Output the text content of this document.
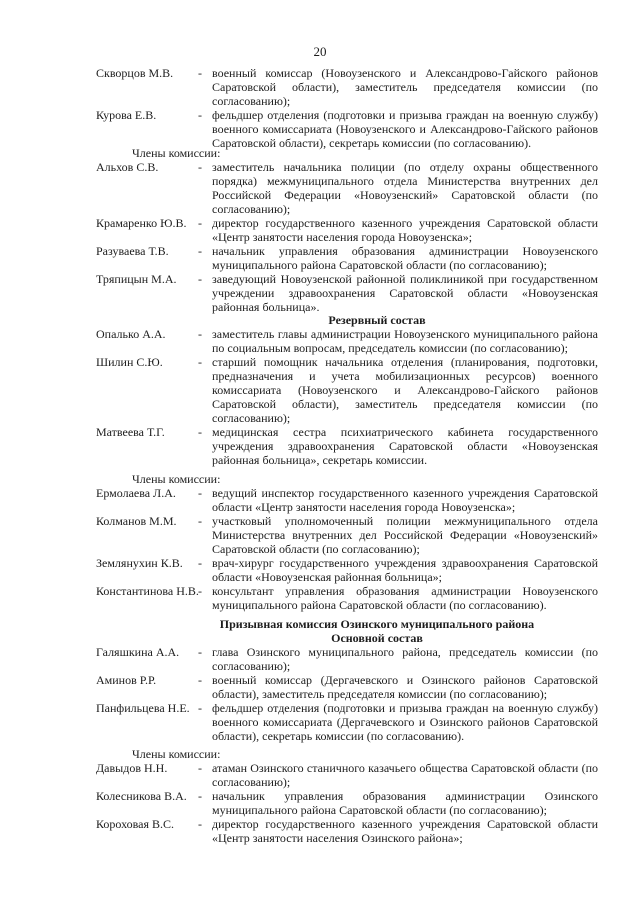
20
Скворцов М.В. - военный комиссар (Новоузенского и Александрово-Гайского районов Саратовской области), заместитель председателя комиссии (по согласованию);
Курова Е.В.	- фельдшер отделения (подготовки и призыва граждан на военную службу) военного комиссариата (Новоузенского и Александрово-Гайского районов Саратовской области), секретарь комиссии (по согласованию).
Члены комиссии:
Альхов С.В.	- заместитель начальника полиции (по отделу охраны общественного порядка) межмуниципального отдела Министерства внутренних дел Российской Федерации «Новоузенский» Саратовской области (по согласованию);
Крамаренко Ю.В. - директор государственного казенного учреждения Саратовской области «Центр занятости населения города Новоузенска»;
Разуваева Т.В. - начальник управления образования администрации Новоузенского муниципального района Саратовской области (по согласованию);
Тряпицын М.А. - заведующий Новоузенской районной поликлиникой при государственном учреждении здравоохранения Саратовской области «Новоузенская районная больница».
Резервный состав
Опалько А.А.	- заместитель главы администрации Новоузенского муниципального района по социальным вопросам, председатель комиссии (по согласованию);
Шилин С.Ю.	- старший помощник начальника отделения (планирования, подготовки, предназначения и учета мобилизационных ресурсов) военного комиссариата (Новоузенского и Александрово-Гайского районов Саратовской области), заместитель председателя комиссии (по согласованию);
Матвеева Т.Г.	- медицинская сестра психиатрического кабинета государственного учреждения здравоохранения Саратовской области «Новоузенская районная больница», секретарь комиссии.
Члены комиссии:
Ермолаева Л.А. - ведущий инспектор государственного казенного учреждения Саратовской области «Центр занятости населения города Новоузенска»;
Колманов М.М. - участковый уполномоченный полиции межмуниципального отдела Министерства внутренних дел Российской Федерации «Новоузенский» Саратовской области (по согласованию);
Землянухин К.В. - врач-хирург государственного учреждения здравоохранения Саратовской области «Новоузенская районная больница»;
Константинова Н.В. - консультант управления образования администрации Новоузенского муниципального района Саратовской области (по согласованию).
Призывная комиссия Озинского муниципального района
Основной состав
Галяшкина А.А. - глава Озинского муниципального района, председатель комиссии (по согласованию);
Аминов Р.Р.	- военный комиссар (Дергачевского и Озинского районов Саратовской области), заместитель председателя комиссии (по согласованию);
Панфильцева Н.Е. - фельдшер отделения (подготовки и призыва граждан на военную службу) военного комиссариата (Дергачевского и Озинского районов Саратовской области), секретарь комиссии (по согласованию).
Члены комиссии:
Давыдов Н.Н.	- атаман Озинского станичного казачьего общества Саратовской области (по согласованию);
Колесникова В.А. - начальник управления образования администрации Озинского муниципального района Саратовской области (по согласованию);
Короховая В.С. - директор государственного казенного учреждения Саратовской области «Центр занятости населения Озинского района»;
